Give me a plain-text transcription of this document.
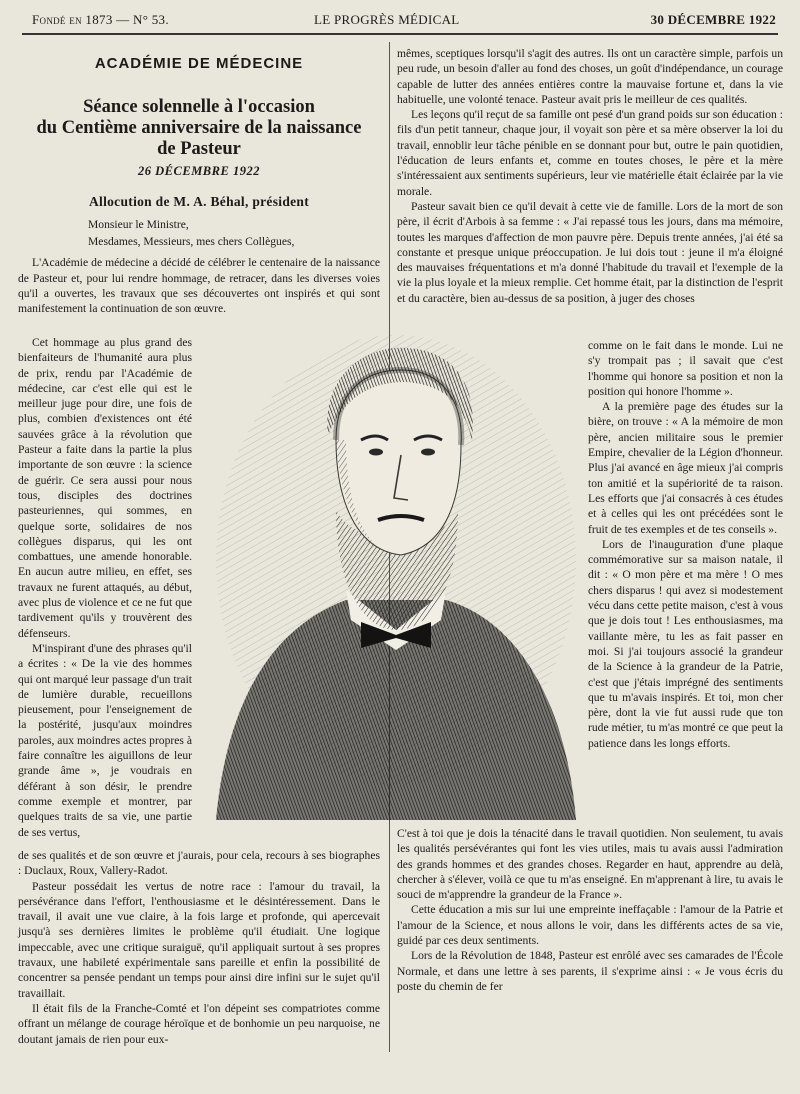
Fondé en 1873 — N° 53.	LE PROGRÈS MÉDICAL	30 DÉCEMBRE 1922
ACADÉMIE DE MÉDECINE
Séance solennelle à l'occasion
du Centième anniversaire de la naissance
de Pasteur
26 DÉCEMBRE 1922
Allocution de M. A. Béhal, président
Monsieur le Ministre,
Mesdames, Messieurs, mes chers Collègues,

L'Académie de médecine a décidé de célébrer le centenaire de la naissance de Pasteur et, pour lui rendre hommage, de retracer, dans les diverses voies qu'il a ouvertes, les travaux que ses découvertes ont inspirés et qui sont manifestement la continuation de son œuvre.

Cet hommage au plus grand des bienfaiteurs de l'humanité aura plus de prix, rendu par l'Académie de médecine, car c'est elle qui est le meilleur juge pour dire, une fois de plus, combien d'existences ont été sauvées grâce à la révolution que Pasteur a faite dans la partie la plus importante de son œuvre : la science de guérir. Ce sera aussi pour nous tous, disciples des doctrines pasteuriennes, qui sommes, en quelque sorte, solidaires de nos collègues disparus, qui les ont combattues, une amende honorable. En aucun autre milieu, en effet, ses travaux ne furent attaqués, au début, avec plus de violence et ce ne fut que tardivement qu'ils y trouvèrent des défenseurs.

M'inspirant d'une des phrases qu'il a écrites : « De la vie des hommes qui ont marqué leur passage d'un trait de lumière durable, recueillons pieusement, pour l'enseignement de la postérité, jusqu'aux moindres paroles, aux moindres actes propres à faire connaître les aiguillons de leur grande âme », je voudrais en déférant à son désir, le prendre comme exemple et montrer, par quelques traits de sa vie, une partie de ses vertus,

de ses qualités et de son œuvre et j'aurais, pour cela, recours à ses biographes : Duclaux, Roux, Vallery-Radot.

Pasteur possédait les vertus de notre race : l'amour du travail, la persévérance dans l'effort, l'enthousiasme et le désintéressement. Dans le travail, il avait une vue claire, à la fois large et profonde, qui apercevait jusqu'à ses dernières limites le problème qu'il étudiait. Une logique impeccable, avec une critique suraiguë, qu'il appliquait surtout à ses propres travaux, une habileté expérimentale sans pareille et enfin la possibilité de concentrer sa pensée pendant un temps pour ainsi dire infini sur le sujet qu'il travaillait.

Il était fils de la Franche-Comté et l'on dépeint ses compatriotes comme offrant un mélange de courage héroïque et de bonhomie un peu narquoise, ne doutant jamais de rien pour eux-

mêmes, sceptiques lorsqu'il s'agit des autres. Ils ont un caractère simple, parfois un peu rude, un besoin d'aller au fond des choses, un goût d'indépendance, un courage capable de lutter des années entières contre la mauvaise fortune et, dans la vie habituelle, une volonté tenace. Pasteur avait pris le meilleur de ces qualités.

Les leçons qu'il reçut de sa famille ont pesé d'un grand poids sur son éducation : fils d'un petit tanneur, chaque jour, il voyait son père et sa mère observer la loi du travail, ennoblir leur tâche pénible en se donnant pour but, outre le pain quotidien, l'éducation de leurs enfants et, comme en toutes choses, le père et la mère s'intéressaient aux sentiments supérieurs, leur vie matérielle était éclairée par la vie morale.

Pasteur savait bien ce qu'il devait à cette vie de famille. Lors de la mort de son père, il écrit d'Arbois à sa femme : « J'ai repassé tous les jours, dans ma mémoire, toutes les marques d'affection de mon pauvre père. Depuis trente années, j'ai été sa constante et presque unique préoccupation. Je lui dois tout : jeune il m'a éloigné des mauvaises fréquentations et m'a donné l'habitude du travail et l'exemple de la vie la plus loyale et la mieux remplie. Cet homme était, par la distinction de l'esprit et du caractère, bien au-dessus de sa position, à juger des choses

comme on le fait dans le monde. Lui ne s'y trompait pas ; il savait que c'est l'homme qui honore sa position et non la position qui honore l'homme ».

A la première page des études sur la bière, on trouve : « A la mémoire de mon père, ancien militaire sous le premier Empire, chevalier de la Légion d'honneur. Plus j'ai avancé en âge mieux j'ai compris ton amitié et la supériorité de ta raison. Les efforts que j'ai consacrés à ces études et à celles qui les ont précédées sont le fruit de tes exemples et de tes conseils ».

Lors de l'inauguration d'une plaque commémorative sur sa maison natale, il dit : « O mon père et ma mère ! O mes chers disparus ! qui avez si modestement vécu dans cette petite maison, c'est à vous que je dois tout ! Les enthousiasmes, ma vaillante mère, tu les as fait passer en moi. Si j'ai toujours associé la grandeur de la Science à la grandeur de la Patrie, c'est que j'étais imprégné des sentiments que tu m'avais inspirés. Et toi, mon cher père, dont la vie fut aussi rude que ton rude métier, tu m'as montré ce que peut la patience dans les longs efforts.

C'est à toi que je dois la ténacité dans le travail quotidien. Non seulement, tu avais les qualités persévérantes qui font les vies utiles, mais tu avais aussi l'admiration des grands hommes et des grandes choses. Regarder en haut, apprendre au delà, chercher à s'élever, voilà ce que tu m'as enseigné. En m'apprenant à lire, tu avais le souci de m'apprendre la grandeur de la France ».

Cette éducation a mis sur lui une empreinte ineffaçable : l'amour de la Patrie et l'amour de la Science, et nous allons le voir, dans les différents actes de sa vie, guidé par ces deux sentiments.

Lors de la Révolution de 1848, Pasteur est enrôlé avec ses camarades de l'École Normale, et dans une lettre à ses parents, il s'exprime ainsi : « Je vous écris du poste du chemin de fer
